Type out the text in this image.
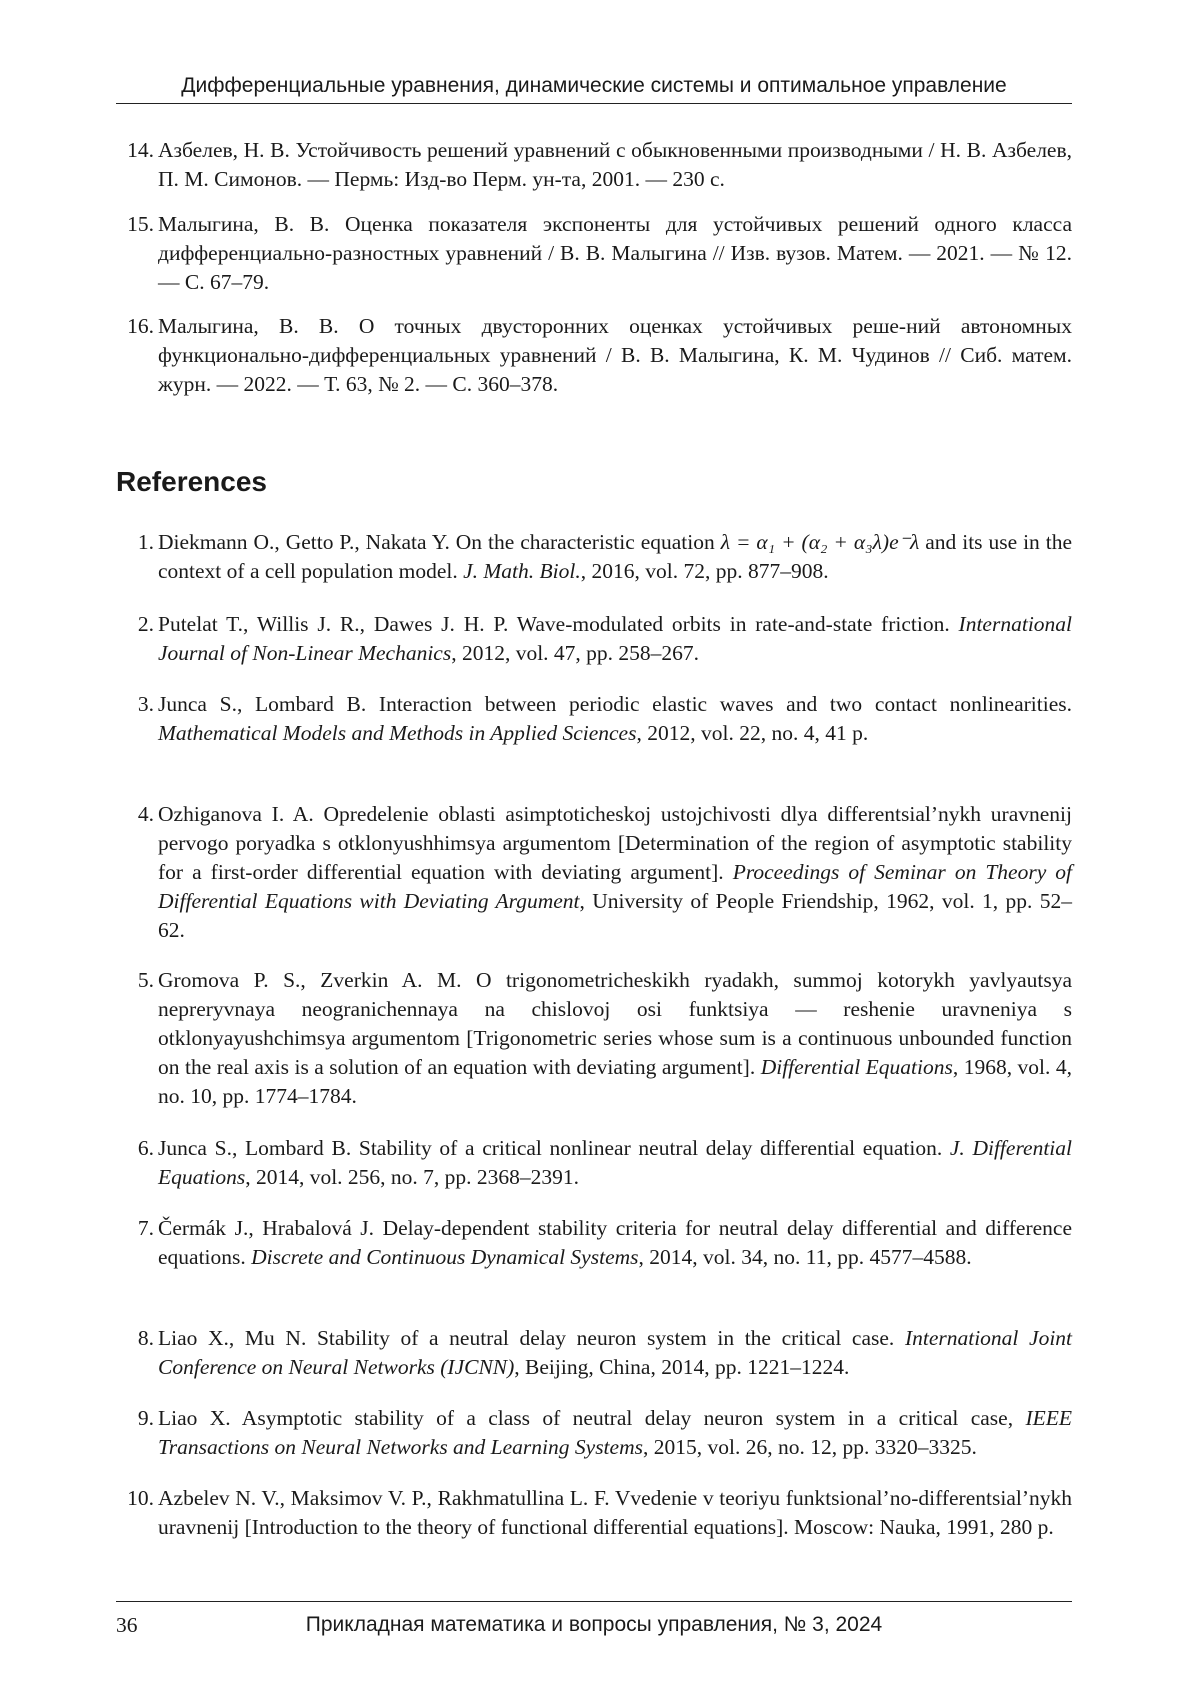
Дифференциальные уравнения, динамические системы и оптимальное управление
14. Азбелев, Н. В. Устойчивость решений уравнений с обыкновенными производными / Н. В. Азбелев, П. М. Симонов. — Пермь: Изд-во Перм. ун-та, 2001. — 230 с.
15. Малыгина, В. В. Оценка показателя экспоненты для устойчивых решений одного класса дифференциально-разностных уравнений / В. В. Малыгина // Изв. вузов. Матем. — 2021. — № 12. — С. 67–79.
16. Малыгина, В. В. О точных двусторонних оценках устойчивых реше-ний автономных функционально-дифференциальных уравнений / В. В. Малыгина, К. М. Чудинов // Сиб. матем. журн. — 2022. — Т. 63, № 2. — С. 360–378.
References
1. Diekmann O., Getto P., Nakata Y. On the characteristic equation λ = α₁ + (α₂ + α₃λ)e⁻λ and its use in the context of a cell population model. J. Math. Biol., 2016, vol. 72, pp. 877–908.
2. Putelat T., Willis J. R., Dawes J. H. P. Wave-modulated orbits in rate-and-state friction. International Journal of Non-Linear Mechanics, 2012, vol. 47, pp. 258–267.
3. Junca S., Lombard B. Interaction between periodic elastic waves and two contact nonlinearities. Mathematical Models and Methods in Applied Sciences, 2012, vol. 22, no. 4, 41 p.
4. Ozhiganova I. A. Opredelenie oblasti asimptoticheskoj ustojchivosti dlya differentsial’nykh uravnenij pervogo poryadka s otklonyushhimsya argumentom [Determination of the region of asymptotic stability for a first-order differential equation with deviating argument]. Proceedings of Seminar on Theory of Differential Equations with Deviating Argument, University of People Friendship, 1962, vol. 1, pp. 52–62.
5. Gromova P. S., Zverkin A. M. O trigonometricheskikh ryadakh, summoj kotorykh yavlyautsya nepreryvnaya neogranichennaya na chislovoj osi funktsiya — reshenie uravneniya s otklonyayushchimsya argumentom [Trigonometric series whose sum is a continuous unbounded function on the real axis is a solution of an equation with deviating argument]. Differential Equations, 1968, vol. 4, no. 10, pp. 1774–1784.
6. Junca S., Lombard B. Stability of a critical nonlinear neutral delay differential equation. J. Differential Equations, 2014, vol. 256, no. 7, pp. 2368–2391.
7. Čermák J., Hrabalová J. Delay-dependent stability criteria for neutral delay differential and difference equations. Discrete and Continuous Dynamical Systems, 2014, vol. 34, no. 11, pp. 4577–4588.
8. Liao X., Mu N. Stability of a neutral delay neuron system in the critical case. International Joint Conference on Neural Networks (IJCNN), Beijing, China, 2014, pp. 1221–1224.
9. Liao X. Asymptotic stability of a class of neutral delay neuron system in a critical case, IEEE Transactions on Neural Networks and Learning Systems, 2015, vol. 26, no. 12, pp. 3320–3325.
10. Azbelev N. V., Maksimov V. P., Rakhmatullina L. F. Vvedenie v teoriyu funktsional’no-differentsial’nykh uravnenij [Introduction to the theory of functional differential equations]. Moscow: Nauka, 1991, 280 p.
36	Прикладная математика и вопросы управления, № 3, 2024
